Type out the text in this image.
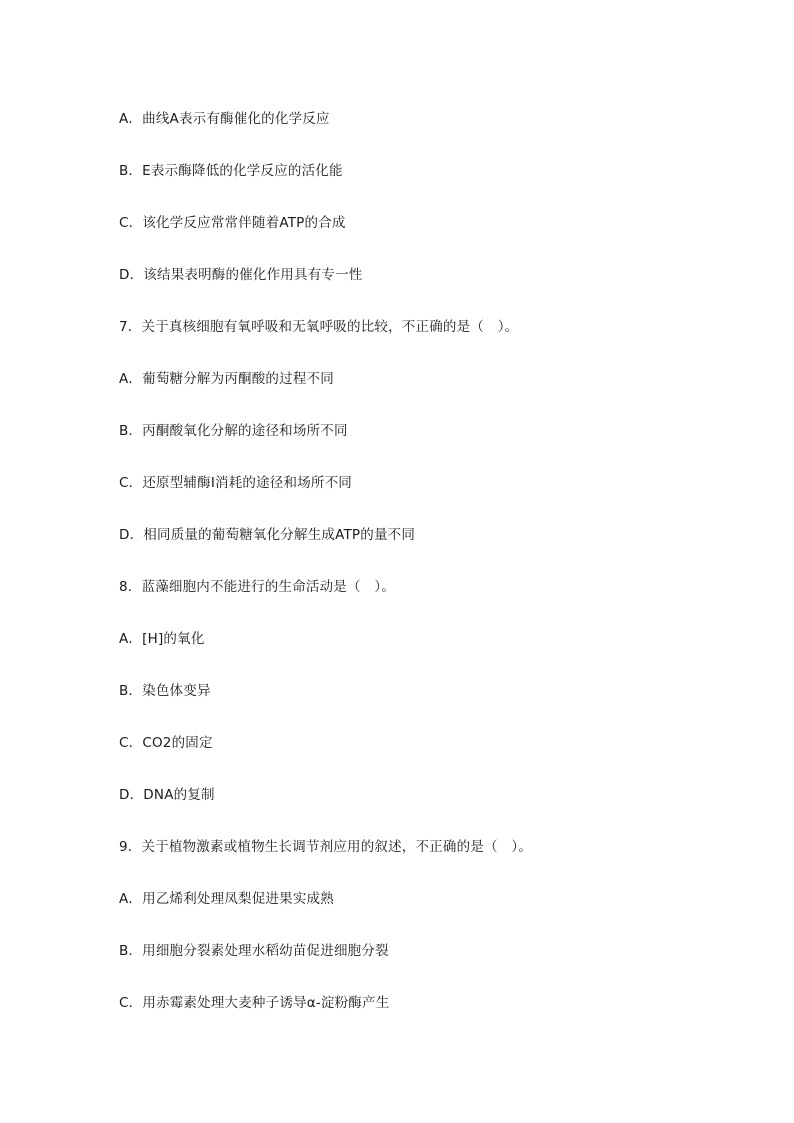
A．曲线A表示有酶催化的化学反应
B．E表示酶降低的化学反应的活化能
C．该化学反应常常伴随着ATP的合成
D．该结果表明酶的催化作用具有专一性
7．关于真核细胞有氧呼吸和无氧呼吸的比较，不正确的是（　）。
A．葡萄糖分解为丙酮酸的过程不同
B．丙酮酸氧化分解的途径和场所不同
C．还原型辅酶Ⅰ消耗的途径和场所不同
D．相同质量的葡萄糖氧化分解生成ATP的量不同
8．蓝藻细胞内不能进行的生命活动是（　）。
A．[H]的氧化
B．染色体变异
C．CO2的固定
D．DNA的复制
9．关于植物激素或植物生长调节剂应用的叙述，不正确的是（　）。
A．用乙烯利处理凤梨促进果实成熟
B．用细胞分裂素处理水稻幼苗促进细胞分裂
C．用赤霉素处理大麦种子诱导α-淀粉酶产生
